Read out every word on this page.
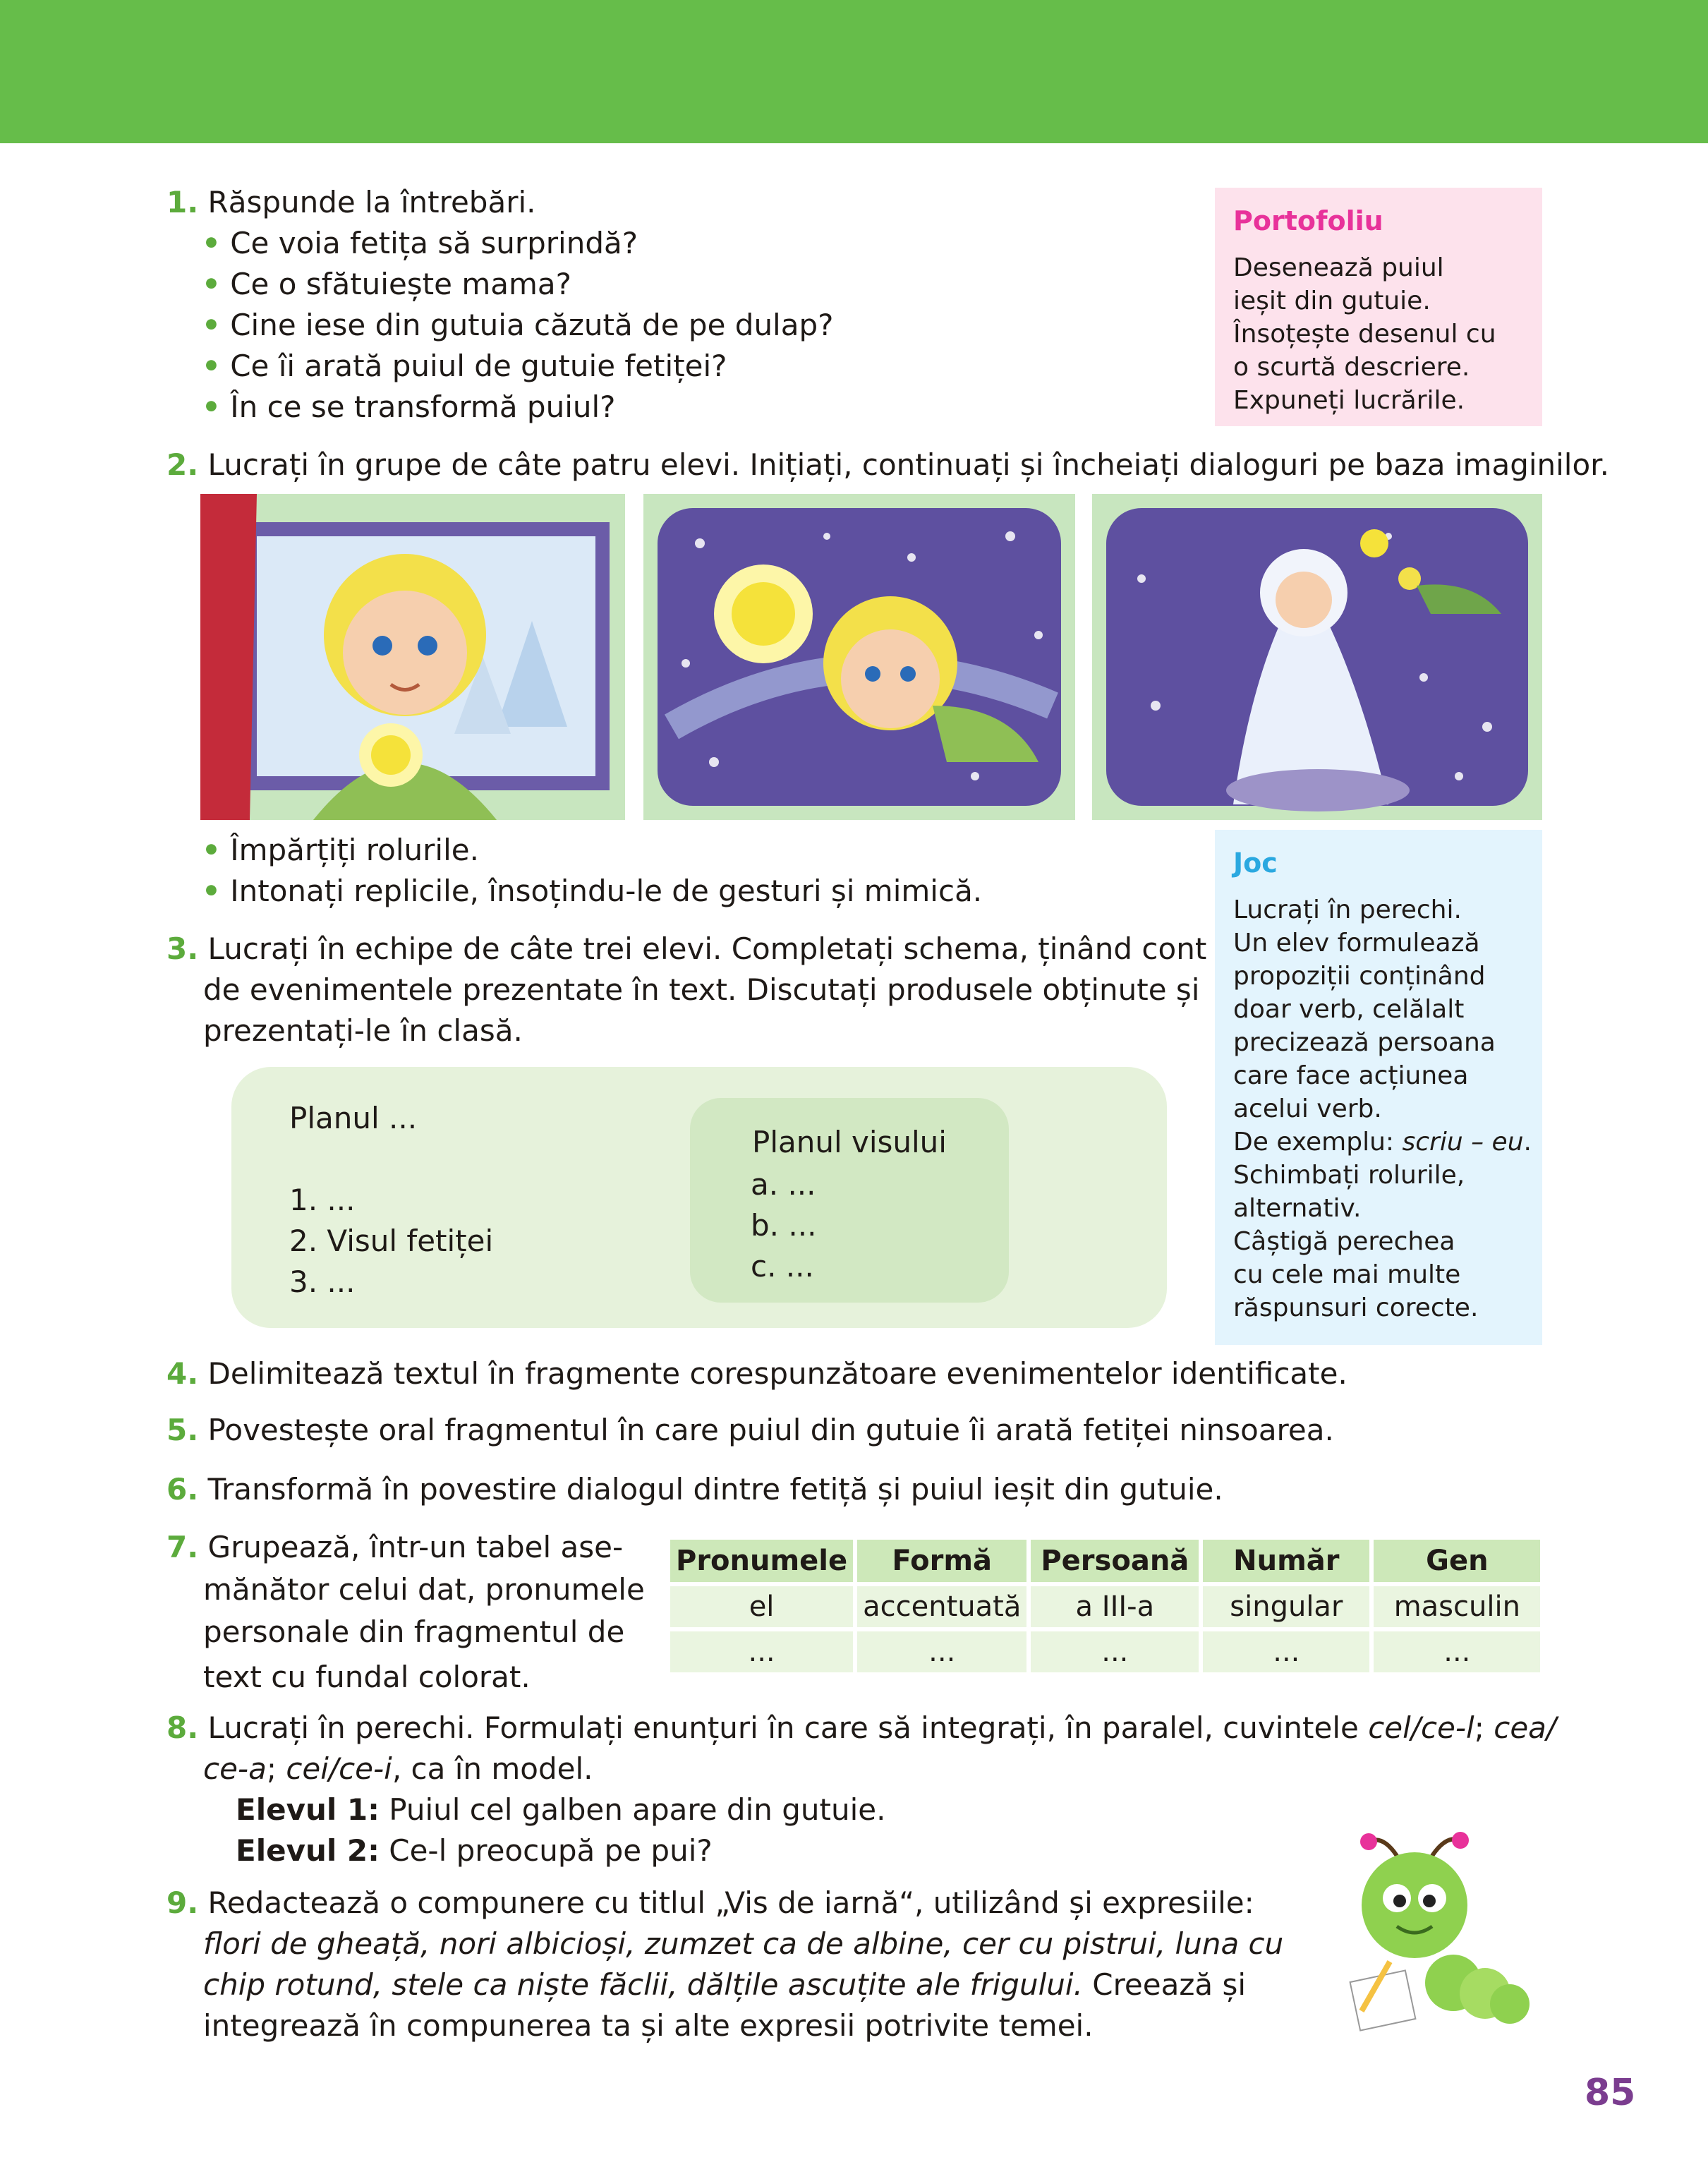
1. Răspunde la întrebări.
• Ce voia fetița să surprindă?
• Ce o sfătuiește mama?
• Cine iese din gutuia căzută de pe dulap?
• Ce îi arată puiul de gutuie fetiței?
• În ce se transformă puiul?
Portofoliu
Desenează puiul
ieșit din gutuie.
Însoțește desenul cu
o scurtă descriere.
Expuneți lucrările.
2. Lucrați în grupe de câte patru elevi. Inițiați, continuați și încheiați dialoguri pe baza imaginilor.
• Împărțiți rolurile.
• Intonați replicile, însoțindu-le de gesturi și mimică.
3. Lucrați în echipe de câte trei elevi. Completați schema, ținând cont
de evenimentele prezentate în text. Discutați produsele obținute și
prezentați-le în clasă.
Joc
Lucrați în perechi.
Un elev formulează
propoziții conținând
doar verb, celălalt
precizează persoana
care face acțiunea
acelui verb.
De exemplu: scriu – eu.
Schimbați rolurile,
alternativ.
Câștigă perechea
cu cele mai multe
răspunsuri corecte.
Planul ...
1. ...
2. Visul fetiței
3. ...
Planul visului
a. ...
b. ...
c. ...
4. Delimitează textul în fragmente corespunzătoare evenimentelor identificate.
5. Povestește oral fragmentul în care puiul din gutuie îi arată fetiței ninsoarea.
6. Transformă în povestire dialogul dintre fetiță și puiul ieșit din gutuie.
7. Grupează, într-un tabel ase-
mănător celui dat, pronumele
personale din fragmentul de
text cu fundal colorat.
Pronumele	Formă	Persoană	Număr	Gen
el	accentuată	a III-a	singular	masculin
...	...	...	...	...
8. Lucrați în perechi. Formulați enunțuri în care să integrați, în paralel, cuvintele cel/ce-l; cea/
ce-a; cei/ce-i, ca în model.
Elevul 1: Puiul cel galben apare din gutuie.
Elevul 2: Ce-l preocupă pe pui?
9. Redactează o compunere cu titlul „Vis de iarnă“, utilizând și expresiile:
flori de gheață, nori albicioși, zumzet ca de albine, cer cu pistrui, luna cu
chip rotund, stele ca niște făclii, dălțile ascuțite ale frigului. Creează și
integrează în compunerea ta și alte expresii potrivite temei.
85
